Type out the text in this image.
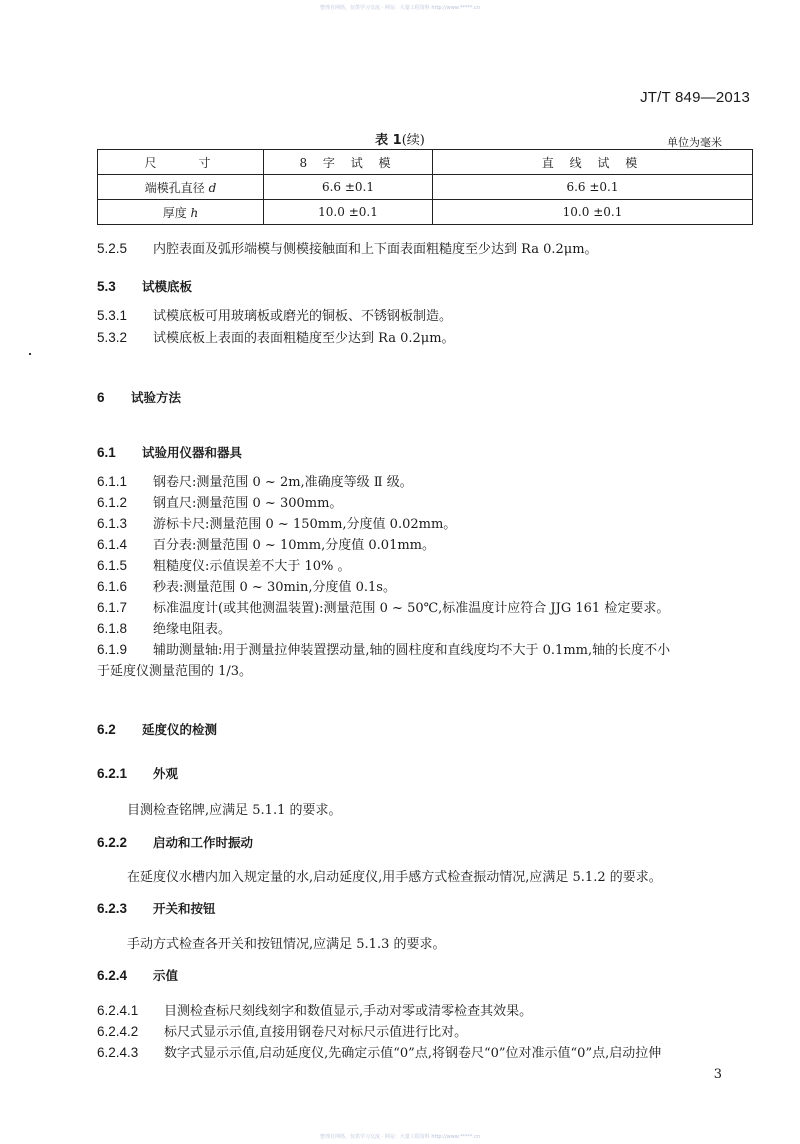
整理自网络，仅供学习交流 · 网站：大量工程资料 http://www.*****.cn
JT/T 849—2013
表 1(续)	单位为毫米
尺　　寸	8 字 试 模	直 线 试 模
端模孔直径 d	6.6 ±0.1	6.6 ±0.1
厚度 h	10.0 ±0.1	10.0 ±0.1
5.2.5 内腔表面及弧形端模与侧模接触面和上下面表面粗糙度至少达到 Ra 0.2μm。
5.3 试模底板
5.3.1 试模底板可用玻璃板或磨光的铜板、不锈钢板制造。
5.3.2 试模底板上表面的表面粗糙度至少达到 Ra 0.2μm。
6 试验方法
6.1 试验用仪器和器具
6.1.1 钢卷尺:测量范围 0 ~ 2m,准确度等级 Ⅱ 级。
6.1.2 钢直尺:测量范围 0 ~ 300mm。
6.1.3 游标卡尺:测量范围 0 ~ 150mm,分度值 0.02mm。
6.1.4 百分表:测量范围 0 ~ 10mm,分度值 0.01mm。
6.1.5 粗糙度仪:示值误差不大于 10% 。
6.1.6 秒表:测量范围 0 ~ 30min,分度值 0.1s。
6.1.7 标准温度计(或其他测温装置):测量范围 0 ~ 50℃,标准温度计应符合 JJG 161 检定要求。
6.1.8 绝缘电阻表。
6.1.9 辅助测量轴:用于测量拉伸装置摆动量,轴的圆柱度和直线度均不大于 0.1mm,轴的长度不小
于延度仪测量范围的 1/3。
6.2 延度仪的检测
6.2.1 外观
目测检查铭牌,应满足 5.1.1 的要求。
6.2.2 启动和工作时振动
在延度仪水槽内加入规定量的水,启动延度仪,用手感方式检查振动情况,应满足 5.1.2 的要求。
6.2.3 开关和按钮
手动方式检查各开关和按钮情况,应满足 5.1.3 的要求。
6.2.4 示值
6.2.4.1 目测检查标尺刻线刻字和数值显示,手动对零或清零检查其效果。
6.2.4.2 标尺式显示示值,直接用钢卷尺对标尺示值进行比对。
6.2.4.3 数字式显示示值,启动延度仪,先确定示值“0”点,将钢卷尺“0”位对准示值“0”点,启动拉伸
3
整理自网络，仅供学习交流 · 网站：大量工程资料 http://www.*****.cn
